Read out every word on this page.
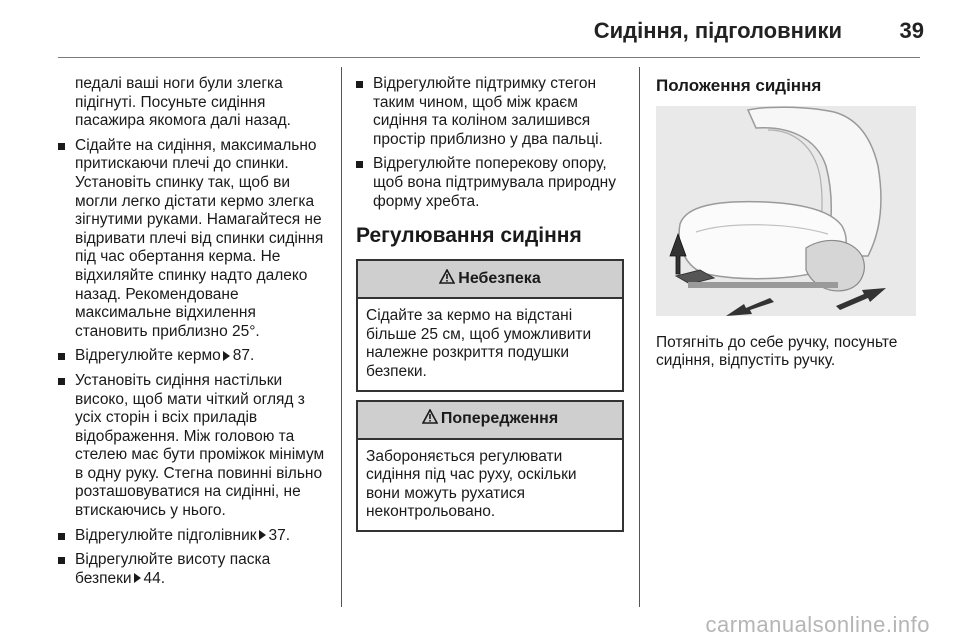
Сидіння, підголовники	39
педалі ваші ноги були злегка підігнуті. Посуньте сидіння пасажира якомога далі назад.
Сідайте на сидіння, максимально притискаючи плечі до спинки. Установіть спинку так, щоб ви могли легко дістати кермо злегка зігнутими руками. Намагайтеся не відривати плечі від спинки сидіння під час обертання керма. Не відхиляйте спинку надто далеко назад. Рекомендоване максимальне відхилення становить приблизно 25°.
Відрегулюйте кермо 87.
Установіть сидіння настільки високо, щоб мати чіткий огляд з усіх сторін і всіх приладів відображення. Між головою та стелею має бути проміжок мінімум в одну руку. Стегна повинні вільно розташовуватися на сидінні, не втискаючись у нього.
Відрегулюйте підголівник 37.
Відрегулюйте висоту паска безпеки 44.
Відрегулюйте підтримку стегон таким чином, щоб між краєм сидіння та коліном залишився простір приблизно у два пальці.
Відрегулюйте поперекову опору, щоб вона підтримувала природну форму хребта.
Регулювання сидіння
Небезпека
Сідайте за кермо на відстані більше 25 см, щоб уможливити належне розкриття подушки безпеки.
Попередження
Забороняється регулювати сидіння під час руху, оскільки вони можуть рухатися неконтрольовано.
Положення сидіння
Потягніть до себе ручку, посуньте сидіння, відпустіть ручку.
carmanualsonline.info
